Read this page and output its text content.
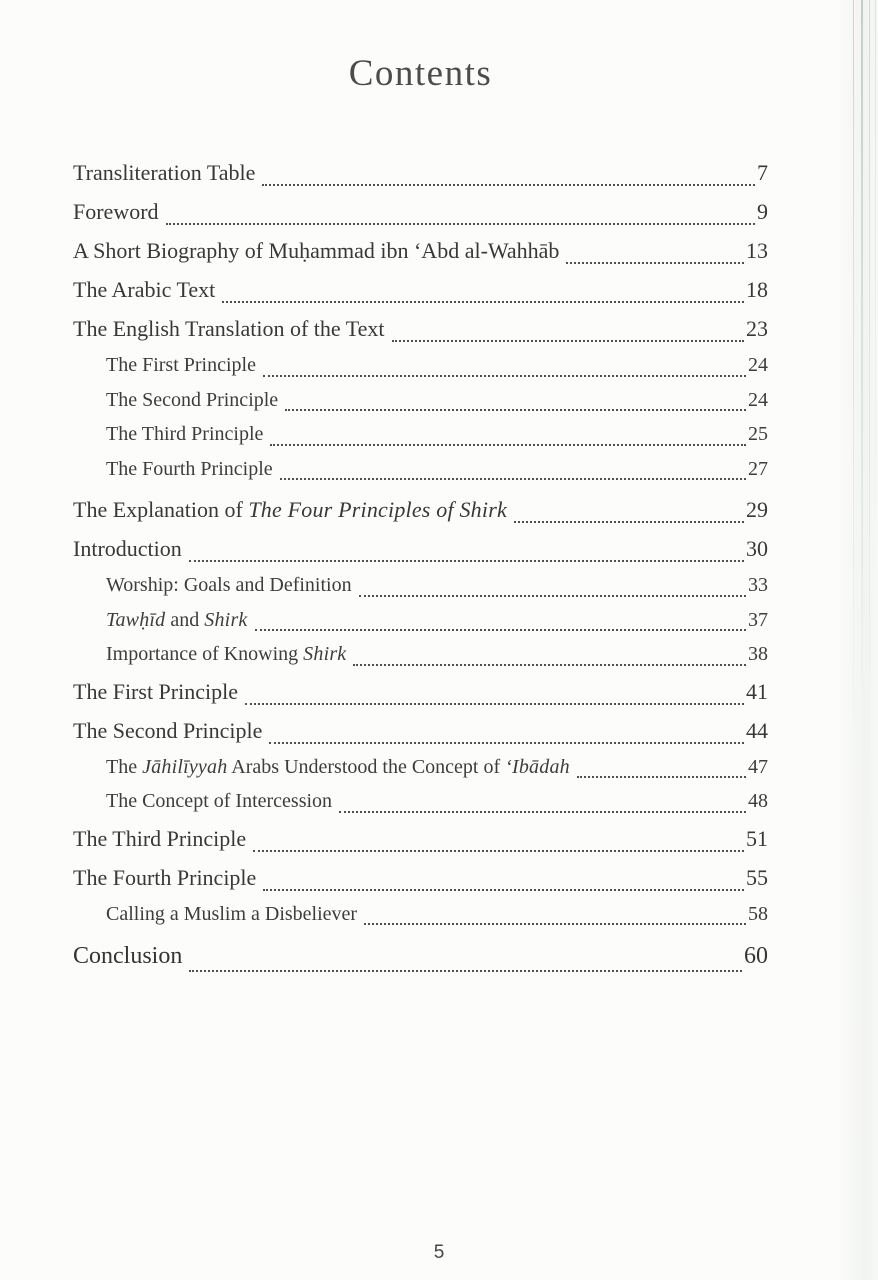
Contents
Transliteration Table	7
Foreword	9
A Short Biography of Muḥammad ibn ʻAbd al-Wahhāb	13
The Arabic Text	18
The English Translation of the Text	23
The First Principle	24
The Second Principle	24
The Third Principle	25
The Fourth Principle	27
The Explanation of The Four Principles of Shirk	29
Introduction	30
Worship: Goals and Definition	33
Tawḥīd and Shirk	37
Importance of Knowing Shirk	38
The First Principle	41
The Second Principle	44
The Jāhilīyyah Arabs Understood the Concept of ʻIbādah	47
The Concept of Intercession	48
The Third Principle	51
The Fourth Principle	55
Calling a Muslim a Disbeliever	58
Conclusion	60
5
